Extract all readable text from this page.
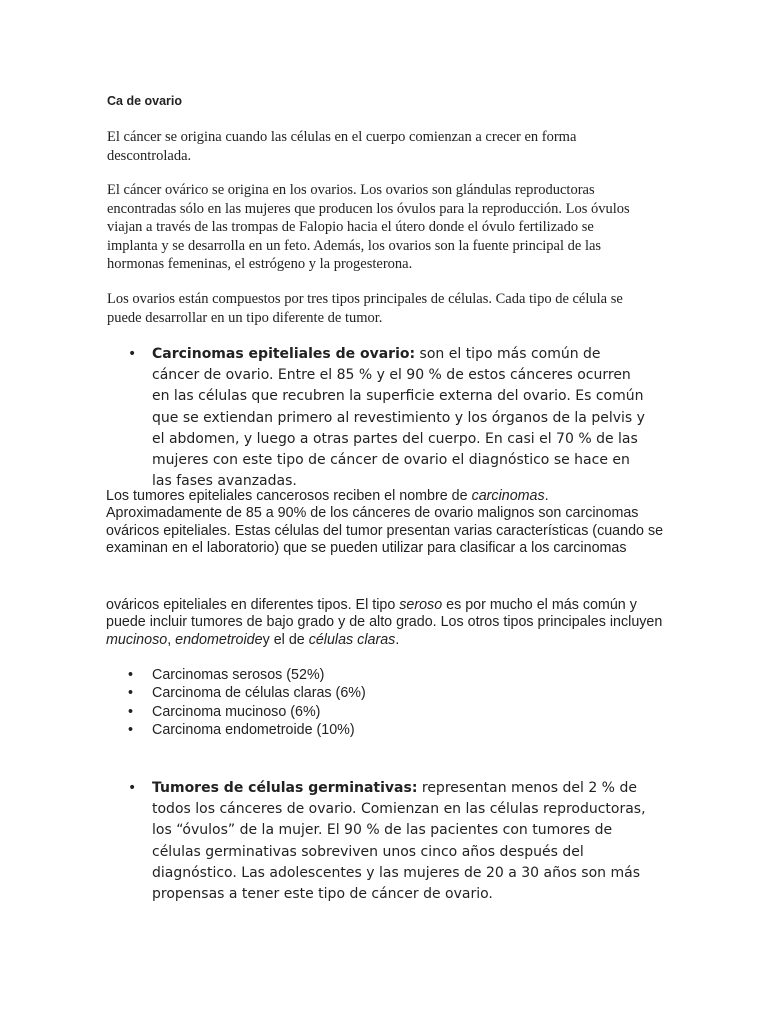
Ca de ovario

El cáncer se origina cuando las células en el cuerpo comienzan a crecer en forma descontrolada.

El cáncer ovárico se origina en los ovarios. Los ovarios son glándulas reproductoras encontradas sólo en las mujeres que producen los óvulos para la reproducción. Los óvulos viajan a través de las trompas de Falopio hacia el útero donde el óvulo fertilizado se implanta y se desarrolla en un feto. Además, los ovarios son la fuente principal de las hormonas femeninas, el estrógeno y la progesterona.

Los ovarios están compuestos por tres tipos principales de células. Cada tipo de célula se puede desarrollar en un tipo diferente de tumor.

• Carcinomas epiteliales de ovario: son el tipo más común de cáncer de ovario. Entre el 85 % y el 90 % de estos cánceres ocurren en las células que recubren la superficie externa del ovario. Es común que se extiendan primero al revestimiento y los órganos de la pelvis y el abdomen, y luego a otras partes del cuerpo. En casi el 70 % de las mujeres con este tipo de cáncer de ovario el diagnóstico se hace en las fases avanzadas.

Los tumores epiteliales cancerosos reciben el nombre de carcinomas. Aproximadamente de 85 a 90% de los cánceres de ovario malignos son carcinomas ováricos epiteliales. Estas células del tumor presentan varias características (cuando se examinan en el laboratorio) que se pueden utilizar para clasificar a los carcinomas

ováricos epiteliales en diferentes tipos. El tipo seroso es por mucho el más común y puede incluir tumores de bajo grado y de alto grado. Los otros tipos principales incluyen mucinoso, endometroidey el de células claras.

• Carcinomas serosos (52%)
• Carcinoma de células claras (6%)
• Carcinoma mucinoso (6%)
• Carcinoma endometroide (10%)
• Tumores de células germinativas: representan menos del 2 % de todos los cánceres de ovario. Comienzan en las células reproductoras, los “óvulos” de la mujer. El 90 % de las pacientes con tumores de células germinativas sobreviven unos cinco años después del diagnóstico. Las adolescentes y las mujeres de 20 a 30 años son más propensas a tener este tipo de cáncer de ovario.
